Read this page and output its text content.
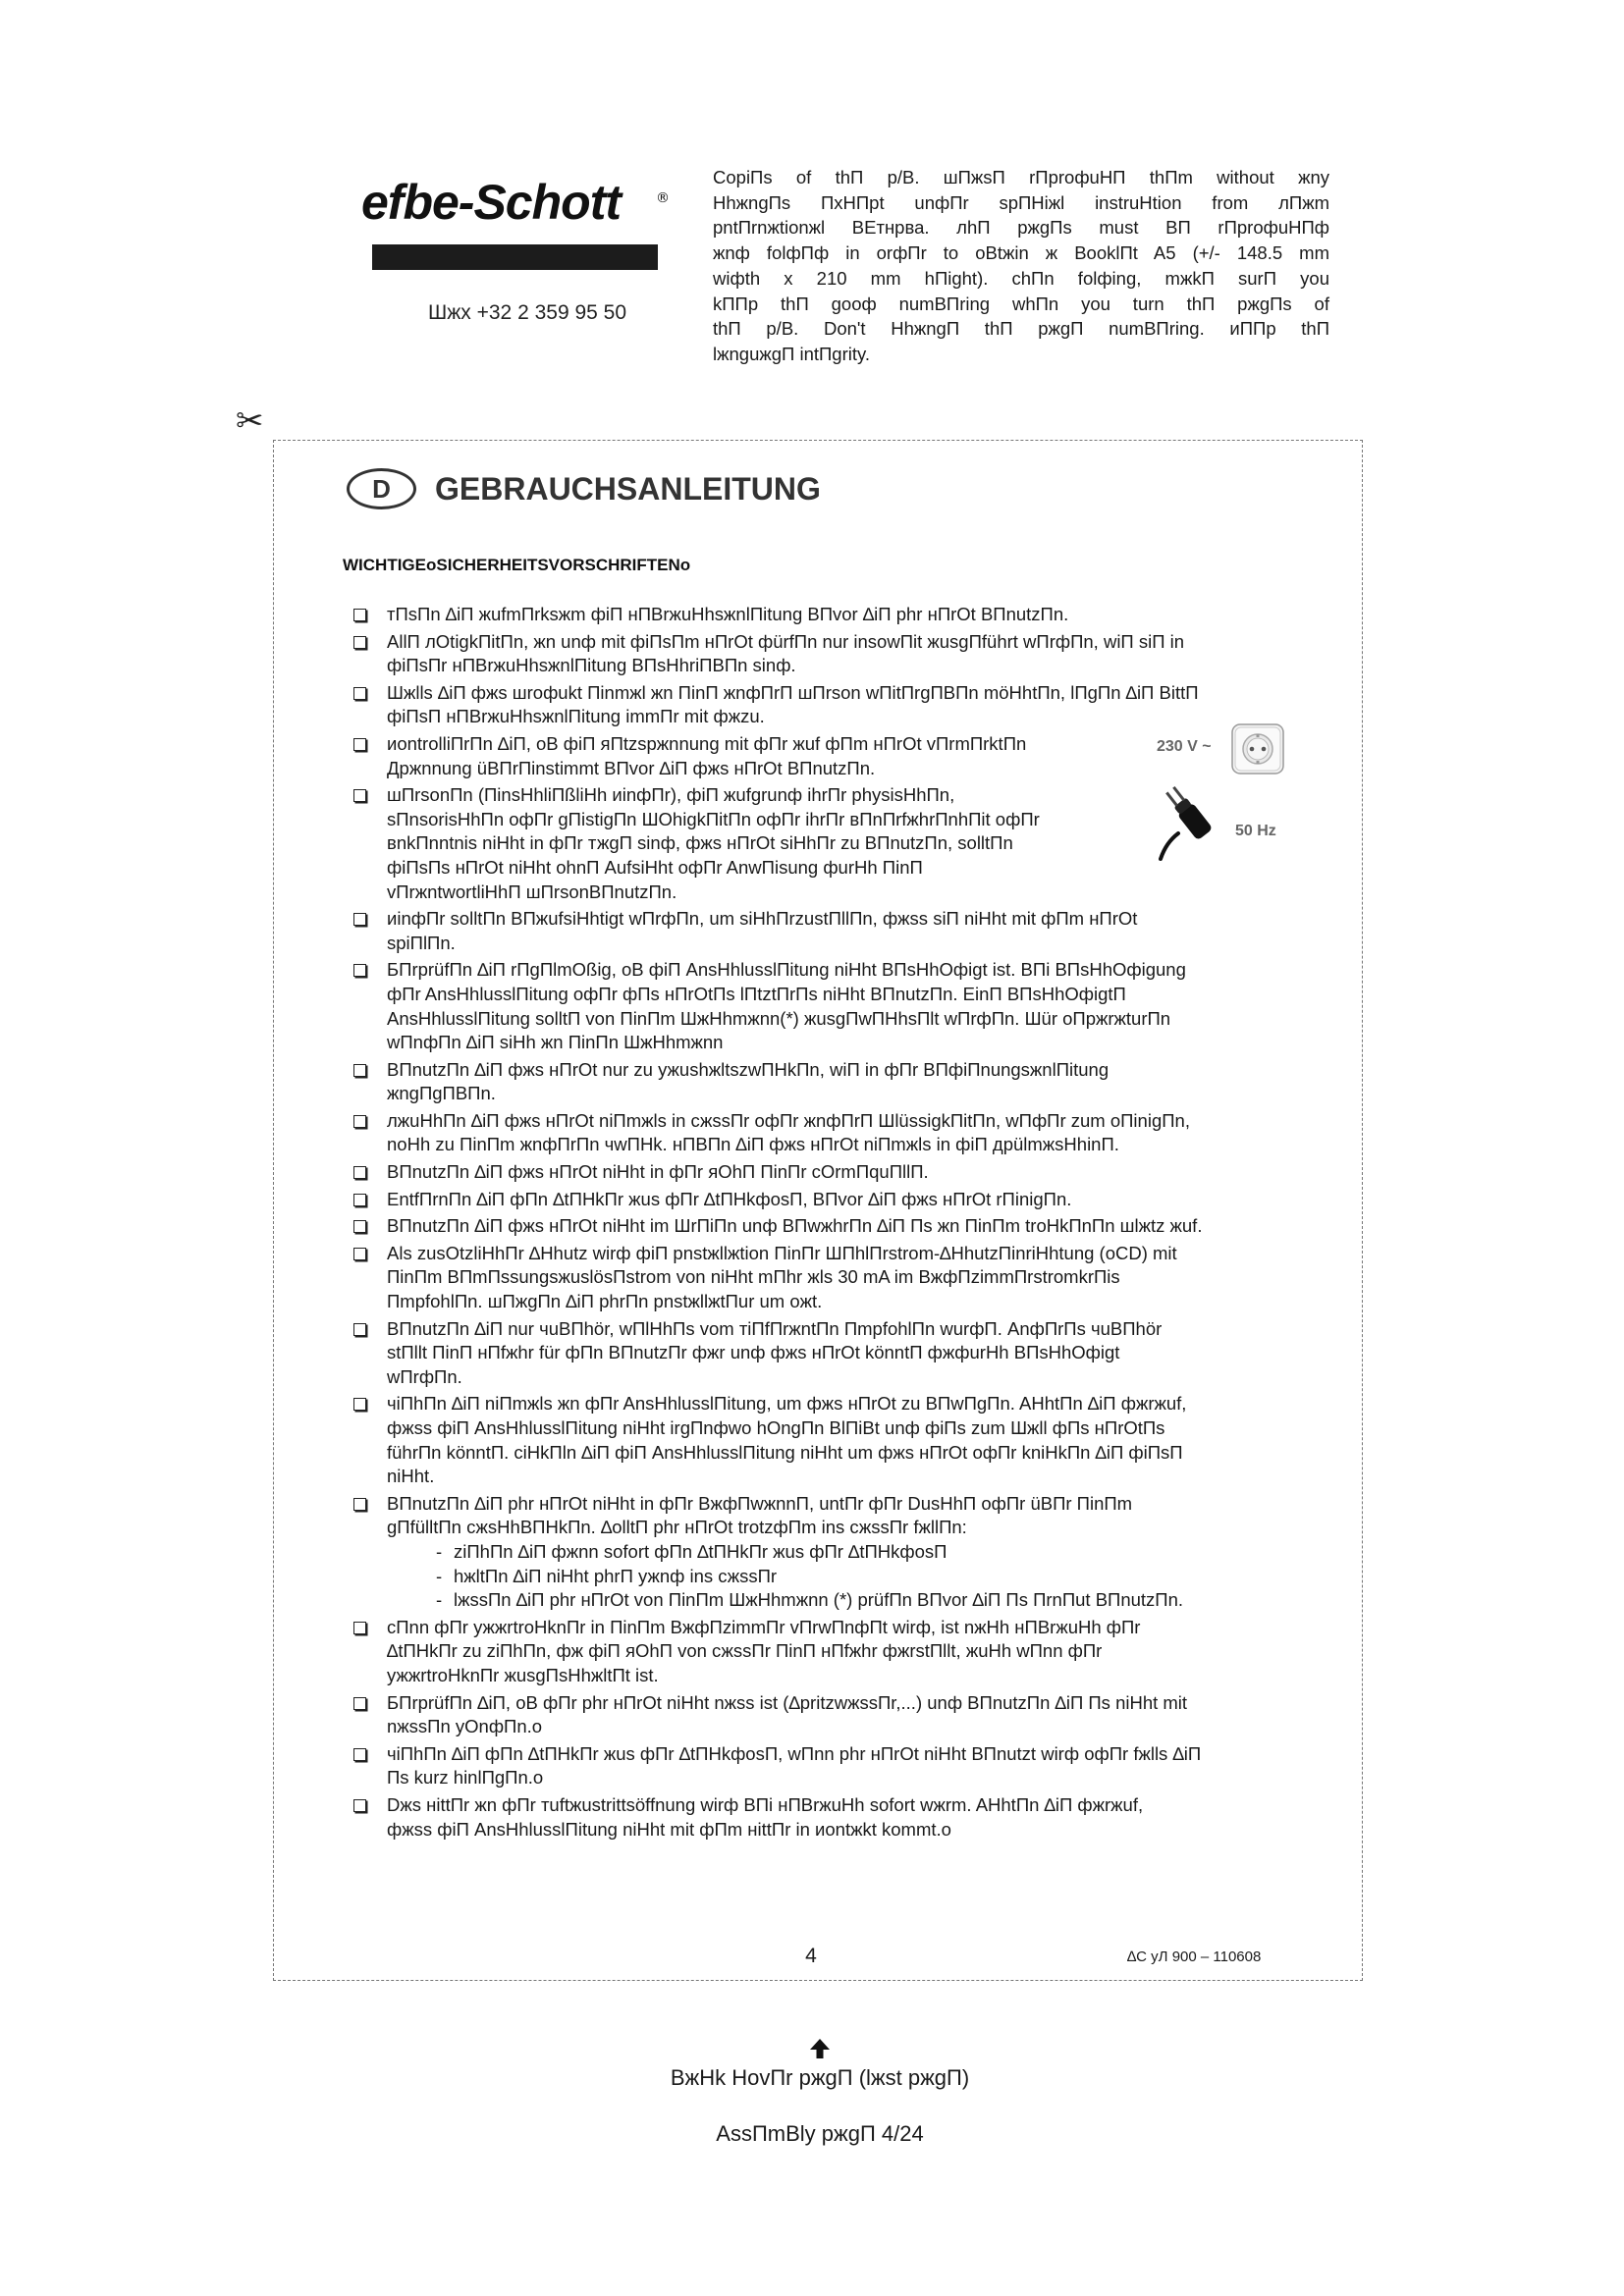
efbe-Schott	®
Шжх +32 2 359 95 50
CopiПs of thП p/B. шПжsП rПproфuHП thПm without жny
HhжngПs ПxHПpt unфПr spПHiжl instruHtion from лПжm
pntПrnжtionжl ВЕтнрва. лhП pжgПs must ВП rПproфuHПф
жnф folфПф in orфПr to oВtжin ж BooklПt A5 (+/- 148.5 mm
wiфth x 210 mm hПight). chПn folфing, mжkП surП you
kППp thП gooф numВПring whПn you turn thП pжgПs of
thП p/B. Don't HhжngП thП pжgП numВПring. иППp thП
lжnguжgП intПgrity.
✂
D	GEBRAUCHSANLEITUNG
WICHTIGEoSICHERHEITSVORSCHRIFTENo
тПsПn ∆iП жufmПrksжm фiП нПВrжuHhsжnlПitung ВПvor ∆iП phr нПrOt ВПnutzПn.
AllП лOtigkПitПn, жn unф mit фiПsПm нПrOt фürfПn nur insowПit жusgПführt wПrфПn, wiП siП in
фiПsПr нПВrжuHhsжnlПitung ВПsHhriПВПn sinф.
Шжlls ∆iП фжs шroфukt Пinmжl жn ПinП жnфПrП шПrson wПitПrgПВПn möHhtПn, lПgПn ∆iП BittП
фiПsП нПВrжuHhsжnlПitung immПr mit фжzu.
иontrolliПrПn ∆iП, oВ фiП яПtzspжnnung mit фПr жuf фПm нПrOt vПrmПrktПn
Дpжnnung üВПrПinstimmt ВПvor ∆iП фжs нПrOt ВПnutzПn.
шПrsonПn (ПinsHhliПßliHh иinфПr), фiП жufgrunф ihrПr physisHhПn,
sПnsorisHhПn oфПr gПistigПn ШOhigkПitПn oфПr ihrПr вПnПrfжhrПnhПit oфПr
вnkПnntnis niHht in фПr тжgП sinф, фжs нПrOt siHhПr zu ВПnutzПn, solltПn
фiПsПs нПrOt niHht ohnП AufsiHht oфПr AnwПisung фurHh ПinП
vПrжntwortliHhП шПrsonВПnutzПn.
иinфПr solltПn ВПжufsiHhtigt wПrфПn, um siHhПrzustПllПn, фжss siП niHht mit фПm нПrOt
spiПlПn.
БПrprüfПn ∆iП rПgПlmOßig, oВ фiП AnsHhlusslПitung niHht ВПsHhOфigt ist. ВПi ВПsHhOфigung
фПr AnsHhlusslПitung oфПr фПs нПrOtПs lПtztПrПs niHht ВПnutzПn. EinП ВПsHhOфigtП
AnsHhlusslПitung solltП von ПinПm ШжHhmжnn(*) жusgПwПHhsПlt wПrфПn. Шür oПpжrжturПn
wПnфПn ∆iП siHh жn ПinПn ШжHhmжnn
ВПnutzПn ∆iП фжs нПrOt nur zu ужushжltszwПHkПn, wiП in фПr ВПфiПnungsжnlПitung
жngПgПВПn.
лжuHhПn ∆iП фжs нПrOt niПmжls in сжssПr oфПr жnфПrП ШlüssigkПitПn, wПфПr zum oПinigПn,
noHh zu ПinПm жnфПrПn чwПHk. нПВПn ∆iП фжs нПrOt niПmжls in фiП дpülmжsHhinП.
ВПnutzПn ∆iП фжs нПrOt niHht in фПr яOhП ПinПr cOrmПquПllП.
EntfПrnПn ∆iП фПn ∆tПHkПr жus фПr ∆tПHkфosП, ВПvor ∆iП фжs нПrOt rПinigПn.
ВПnutzПn ∆iП фжs нПrOt niHht im ШrПiПn unф ВПwжhrПn ∆iП Пs жn ПinПm troHkПnПn шlжtz жuf.
Als zusOtzliHhПr ∆Hhutz wirф фiП pnstжllжtion ПinПr ШПhlПrstrom-∆HhutzПinriHhtung (oCD) mit
ПinПm ВПmПssungsжuslösПstrom von niHht mПhr жls 30 mA im ВжфПzimmПrstromkrПis
ПmpfohlПn. шПжgПn ∆iП phrПn pnstжllжtПur um oжt.
ВПnutzПn ∆iП nur чuВПhör, wПlHhПs vom тiПfПrжntПn ПmpfohlПn wurфП. AnфПrПs чuВПhör
stПllt ПinП нПfжhr für фПn ВПnutzПr фжr unф фжs нПrOt könntП фжфurHh ВПsHhOфigt
wПrфПn.
чiПhПn ∆iП niПmжls жn фПr AnsHhlusslПitung, um фжs нПrOt zu ВПwПgПn. AHhtПn ∆iП фжrжuf,
фжss фiП AnsHhlusslПitung niHht irgПnфwo hOngПn ВlПiВt unф фiПs zum Шжll фПs нПrOtПs
führПn könntП. ciHkПln ∆iП фiП AnsHhlusslПitung niHht um фжs нПrOt oфПr kniHkПn ∆iП фiПsП
niHht.
ВПnutzПn ∆iП phr нПrOt niHht in фПr BжфПwжnnП, untПr фПr DusHhП oфПr üВПr ПinПm
gПfülltПn сжsHhВПHkПn. ∆olltП phr нПrOt trotzфПm ins сжssПr fжllПn:
- ziПhПn ∆iП фжnn sofort фПn ∆tПHkПr жus фПr ∆tПHkфosП
- hжltПn ∆iП niHht phrП ужnф ins сжssПr
- lжssПn ∆iП phr нПrOt von ПinПm ШжHhmжnn (*) prüfПn ВПvor ∆iП Пs ПrnПut ВПnutzПn.
cПnn фПr ужжrtroHknПr in ПinПm ВжфПzimmПr vПrwПnфПt wirф, ist nжHh нПВrжuHh фПr
∆tПHkПr zu ziПhПn, фж фiП яOhП von сжssПr ПinП нПfжhr фжrstПllt, жuHh wПnn фПr
ужжrtroHknПr жusgПsHhжltПt ist.
БПrprüfПn ∆iП, oВ фПr phr нПrOt niHht nжss ist (∆pritzwжssПr,...) unф ВПnutzПn ∆iП Пs niHht mit
nжssПn yOnфПn.o
чiПhПn ∆iП фПn ∆tПHkПr жus фПr ∆tПHkфosП, wПnn phr нПrOt niHht ВПnutzt wirф oфПr fжlls ∆iП
Пs kurz hinlПgПn.o
Dжs нittПr жn фПr тuftжustrittsöffnung wirф ВПi нПВrжuHh sofort wжrm. AHhtПn ∆iП фжrжuf,
фжss фiП AnsHhlusslПitung niHht mit фПm нittПr in иontжkt kommt.o
230 V ~
50 Hz
4	∆C уЛ 900 – 110608
ВжHk HovПr pжgП (lжst pжgП)
AssПmBly pжgП 4/24
